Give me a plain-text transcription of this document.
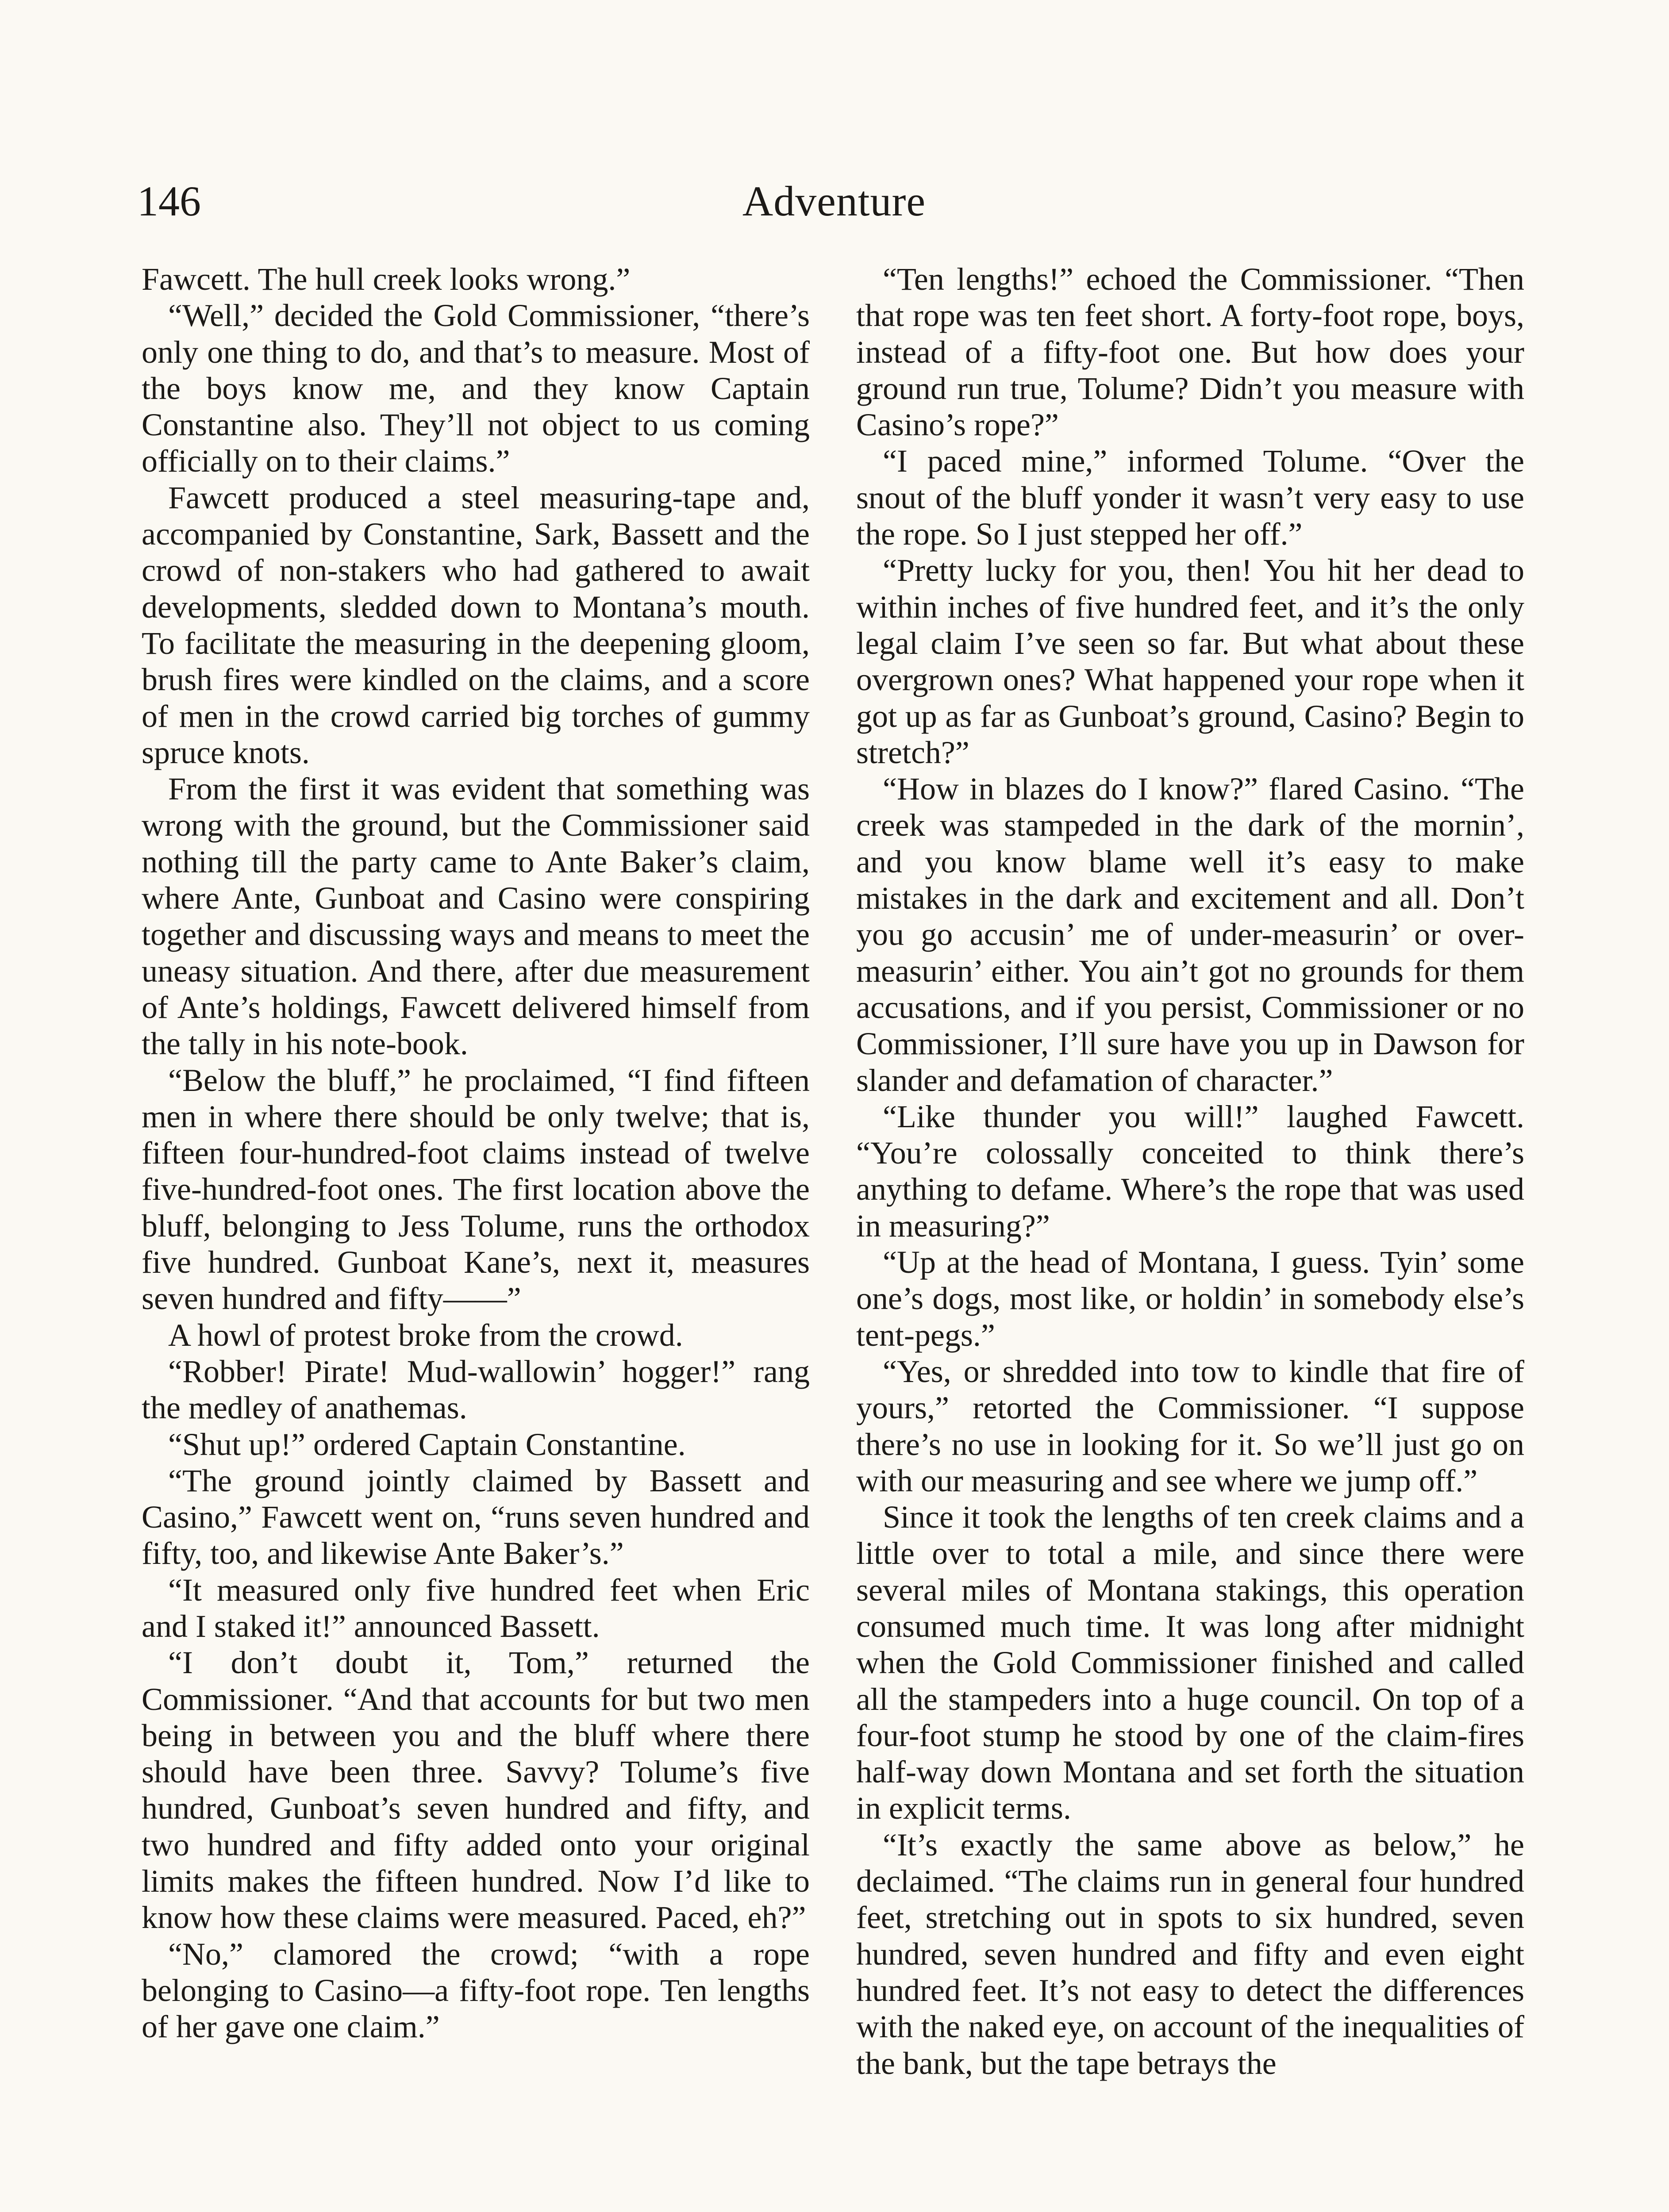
146	Adventure

Fawcett. The hull creek looks wrong.”

“Well,” decided the Gold Commissioner, “there’s only one thing to do, and that’s to measure. Most of the boys know me, and they know Captain Constantine also. They’ll not object to us coming officially on to their claims.”

Fawcett produced a steel measuring-tape and, accompanied by Constantine, Sark, Bassett and the crowd of non-stakers who had gathered to await developments, sledded down to Montana’s mouth. To facilitate the measuring in the deepening gloom, brush fires were kindled on the claims, and a score of men in the crowd carried big torches of gummy spruce knots.

From the first it was evident that something was wrong with the ground, but the Commissioner said nothing till the party came to Ante Baker’s claim, where Ante, Gunboat and Casino were conspiring together and discussing ways and means to meet the uneasy situation. And there, after due measurement of Ante’s holdings, Fawcett delivered himself from the tally in his note-book.

“Below the bluff,” he proclaimed, “I find fifteen men in where there should be only twelve; that is, fifteen four-hundred-foot claims instead of twelve five-hundred-foot ones. The first location above the bluff, belonging to Jess Tolume, runs the orthodox five hundred. Gunboat Kane’s, next it, measures seven hundred and fifty——”

A howl of protest broke from the crowd.

“Robber! Pirate! Mud-wallowin’ hogger!” rang the medley of anathemas.

“Shut up!” ordered Captain Constantine.

“The ground jointly claimed by Bassett and Casino,” Fawcett went on, “runs seven hundred and fifty, too, and likewise Ante Baker’s.”

“It measured only five hundred feet when Eric and I staked it!” announced Bassett.

“I don’t doubt it, Tom,” returned the Commissioner. “And that accounts for but two men being in between you and the bluff where there should have been three. Savvy? Tolume’s five hundred, Gunboat’s seven hundred and fifty, and two hundred and fifty added onto your original limits makes the fifteen hundred. Now I’d like to know how these claims were measured. Paced, eh?”

“No,” clamored the crowd; “with a rope belonging to Casino—a fifty-foot rope. Ten lengths of her gave one claim.”

“Ten lengths!” echoed the Commissioner. “Then that rope was ten feet short. A forty-foot rope, boys, instead of a fifty-foot one. But how does your ground run true, Tolume? Didn’t you measure with Casino’s rope?”

“I paced mine,” informed Tolume. “Over the snout of the bluff yonder it wasn’t very easy to use the rope. So I just stepped her off.”

“Pretty lucky for you, then! You hit her dead to within inches of five hundred feet, and it’s the only legal claim I’ve seen so far. But what about these overgrown ones? What happened your rope when it got up as far as Gunboat’s ground, Casino? Begin to stretch?”

“How in blazes do I know?” flared Casino. “The creek was stampeded in the dark of the mornin’, and you know blame well it’s easy to make mistakes in the dark and excitement and all. Don’t you go accusin’ me of under-measurin’ or over-measurin’ either. You ain’t got no grounds for them accusations, and if you persist, Commissioner or no Commissioner, I’ll sure have you up in Dawson for slander and defamation of character.”

“Like thunder you will!” laughed Fawcett. “You’re colossally conceited to think there’s anything to defame. Where’s the rope that was used in measuring?”

“Up at the head of Montana, I guess. Tyin’ some one’s dogs, most like, or holdin’ in somebody else’s tent-pegs.”

“Yes, or shredded into tow to kindle that fire of yours,” retorted the Commissioner. “I suppose there’s no use in looking for it. So we’ll just go on with our measuring and see where we jump off.”

Since it took the lengths of ten creek claims and a little over to total a mile, and since there were several miles of Montana stakings, this operation consumed much time. It was long after midnight when the Gold Commissioner finished and called all the stampeders into a huge council. On top of a four-foot stump he stood by one of the claim-fires half-way down Montana and set forth the situation in explicit terms.

“It’s exactly the same above as below,” he declaimed. “The claims run in general four hundred feet, stretching out in spots to six hundred, seven hundred, seven hundred and fifty and even eight hundred feet. It’s not easy to detect the differences with the naked eye, on account of the inequalities of the bank, but the tape betrays the
